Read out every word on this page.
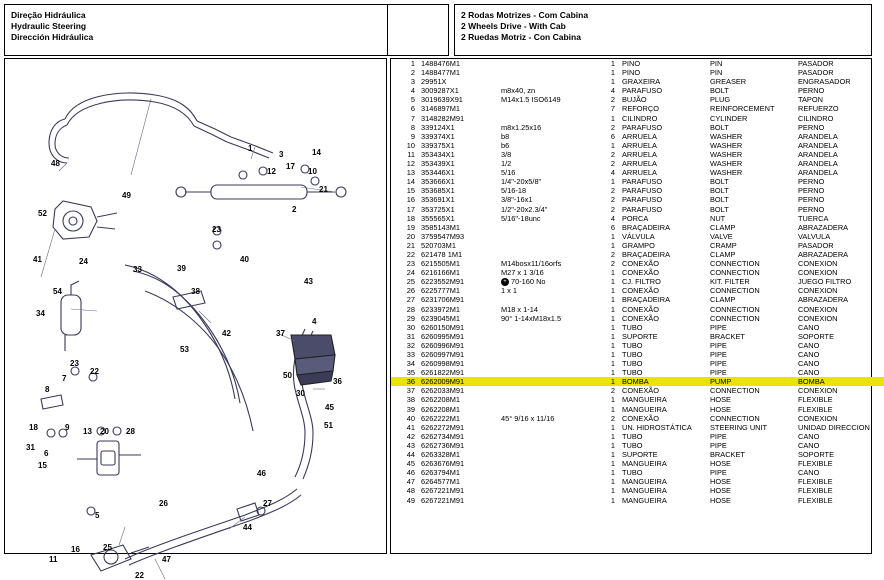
Direção Hidráulica
Hydraulic Steering
Dirección Hidráulica
2 Rodas Motrizes - Com Cabina
2 Wheels Drive - With Cab
2 Ruedas Motriz - Con Cabina
48
49
1	14
3
12
17
10
52	2
21
23
41	24
33	39
40
43
54
34
38
4
53
42	37
23
22	50
36
8
7
30
45
18	9	51
31
13 20 28
6
15
46
5
26	27
11
16	25
47
44
22
1	1488476M1		1	PINO	PIN	PASADOR
2	1488477M1		1	PINO	PIN	PASADOR
3	29951X		1	GRAXEIRA	GREASER	ENGRASADOR
4	3009287X1	m8x40, zn	4	PARAFUSO	BOLT	PERNO
5	3019639X91	M14x1.5 ISO6149	2	BUJÃO	PLUG	TAPON
6	3146897M1		7	REFORÇO	REINFORCEMENT	REFUERZO
7	3148282M91		1	CILINDRO	CYLINDER	CILINDRO
8	339124X1	m8x1.25x16	2	PARAFUSO	BOLT	PERNO
9	339374X1	b8	6	ARRUELA	WASHER	ARANDELA
10	339375X1	b6	1	ARRUELA	WASHER	ARANDELA
11	353434X1	3/8	2	ARRUELA	WASHER	ARANDELA
12	353439X1	1/2	2	ARRUELA	WASHER	ARANDELA
13	353446X1	5/16	4	ARRUELA	WASHER	ARANDELA
14	353666X1	1/4"-20x5/8"	1	PARAFUSO	BOLT	PERNO
15	353685X1	5/16-18	2	PARAFUSO	BOLT	PERNO
16	353691X1	3/8"-16x1	2	PARAFUSO	BOLT	PERNO
17	353725X1	1/2"-20x2.3/4"	2	PARAFUSO	BOLT	PERNO
18	355565X1	5/16"-18unc	4	PORCA	NUT	TUERCA
19	3585143M1		6	BRAÇADEIRA	CLAMP	ABRAZADERA
20	3759547M93		1	VÁLVULA	VALVE	VALVULA
21	520703M1		1	GRAMPO	CRAMP	PASADOR
22	621478 1M1		2	BRAÇADEIRA	CLAMP	ABRAZADERA
23	6215505M1	M14bosx11/16orfs	2	CONEXÃO	CONNECTION	CONEXION
24	6216166M1	M27 x 1 3/16	1	CONEXÃO	CONNECTION	CONEXION
25	6223552M91	+ 70-160 No	1	CJ. FILTRO	KIT. FILTER	JUEGO FILTRO
26	6225777M1	1 x 1	1	CONEXÃO	CONNECTION	CONEXION
27	6231706M91		1	BRAÇADEIRA	CLAMP	ABRAZADERA
28	6233972M1	M18 x 1-14	1	CONEXÃO	CONNECTION	CONEXION
29	6239045M1	90° 1-14xM18x1.5	1	CONEXÃO	CONNECTION	CONEXION
30	6260150M91		1	TUBO	PIPE	CANO
31	6260995M91		1	SUPORTE	BRACKET	SOPORTE
32	6260996M91		1	TUBO	PIPE	CANO
33	6260997M91		1	TUBO	PIPE	CANO
34	6260998M91		1	TUBO	PIPE	CANO
35	6261822M91		1	TUBO	PIPE	CANO
36	6262009M91		1	BOMBA	PUMP	BOMBA
37	6262033M91		2	CONEXÃO	CONNECTION	CONEXION
38	6262208M1		1	MANGUEIRA	HOSE	FLEXIBLE
39	6262208M1		1	MANGUEIRA	HOSE	FLEXIBLE
40	6262222M1	45° 9/16 x 11/16	2	CONEXÃO	CONNECTION	CONEXION
41	6262272M91		1	UN. HIDROSTÁTICA	STEERING UNIT	UNIDAD DIRECCION
42	6262734M91		1	TUBO	PIPE	CANO
43	6262736M91		1	TUBO	PIPE	CANO
44	6263328M1		1	SUPORTE	BRACKET	SOPORTE
45	6263676M91		1	MANGUEIRA	HOSE	FLEXIBLE
46	6263794M1		1	TUBO	PIPE	CANO
47	6264577M1		1	MANGUEIRA	HOSE	FLEXIBLE
48	6267221M91		1	MANGUEIRA	HOSE	FLEXIBLE
49	6267221M91		1	MANGUEIRA	HOSE	FLEXIBLE
